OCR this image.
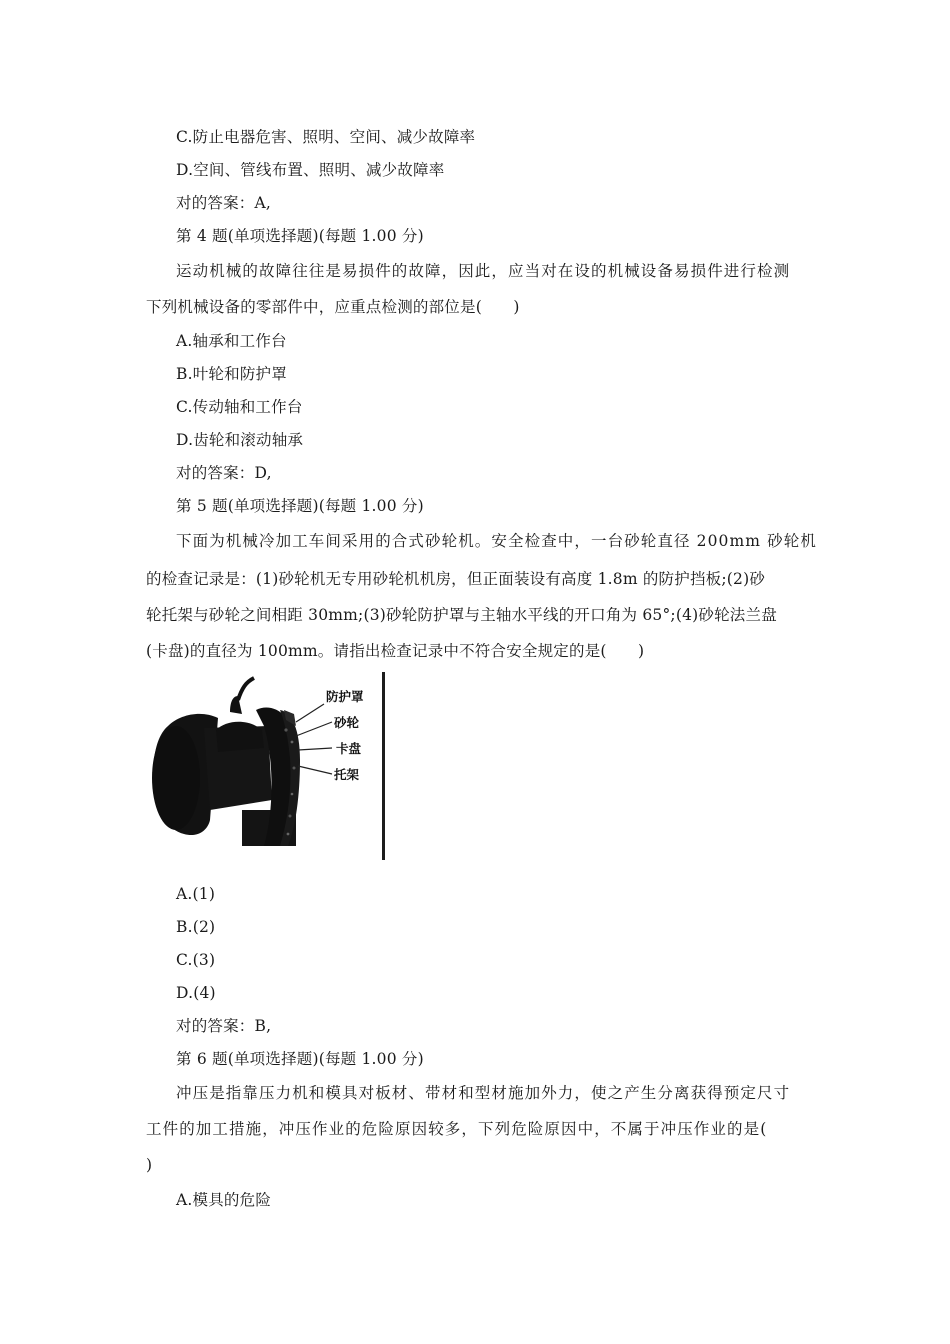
C.防止电器危害、照明、空间、减少故障率
D.空间、管线布置、照明、减少故障率
对的答案：A,
第 4 题(单项选择题)(每题 1.00 分)
运动机械的故障往往是易损件的故障，因此，应当对在设的机械设备易损件进行检测
下列机械设备的零部件中，应重点检测的部位是(　　)
A.轴承和工作台
B.叶轮和防护罩
C.传动轴和工作台
D.齿轮和滚动轴承
对的答案：D,
第 5 题(单项选择题)(每题 1.00 分)
下面为机械冷加工车间采用的合式砂轮机。安全检查中，一台砂轮直径 200mm 砂轮机
的检查记录是：(1)砂轮机无专用砂轮机机房，但正面装设有高度 1.8m 的防护挡板;(2)砂
轮托架与砂轮之间相距 30mm;(3)砂轮防护罩与主轴水平线的开口角为 65°;(4)砂轮法兰盘
(卡盘)的直径为 100mm。请指出检查记录中不符合安全规定的是(　　)
防护罩
砂轮
卡盘
托架
A.(1)
B.(2)
C.(3)
D.(4)
对的答案：B,
第 6 题(单项选择题)(每题 1.00 分)
冲压是指靠压力机和模具对板材、带材和型材施加外力，使之产生分离获得预定尺寸
工件的加工措施，冲压作业的危险原因较多，下列危险原因中，不属于冲压作业的是(
)
A.模具的危险
